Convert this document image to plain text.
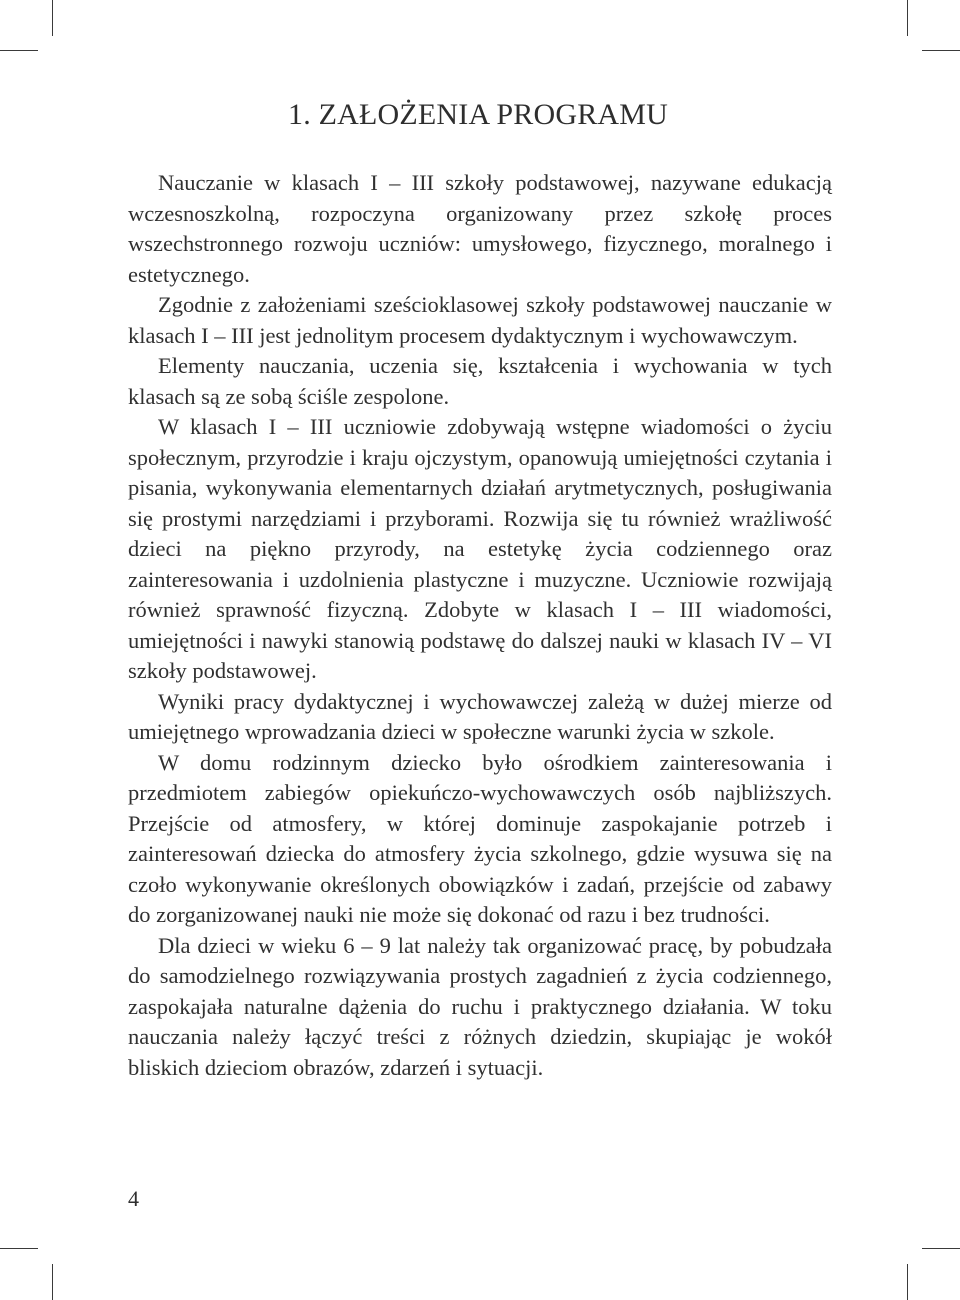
1. ZAŁOŻENIA PROGRAMU

Nauczanie w klasach I – III szkoły podstawowej, nazywane edukacją wczesnoszkolną, rozpoczyna organizowany przez szkołę proces wszechstronnego rozwoju uczniów: umysłowego, fizycznego, moralnego i estetycznego.

Zgodnie z założeniami sześcioklasowej szkoły podstawowej nauczanie w klasach I – III jest jednolitym procesem dydaktycznym i wychowawczym.

Elementy nauczania, uczenia się, kształcenia i wychowania w tych klasach są ze sobą ściśle zespolone.

W klasach I – III uczniowie zdobywają wstępne wiadomości o życiu społecznym, przyrodzie i kraju ojczystym, opanowują umiejętności czytania i pisania, wykonywania elementarnych działań arytmetycznych, posługiwania się prostymi narzędziami i przyborami. Rozwija się tu również wrażliwość dzieci na piękno przyrody, na estetykę życia codziennego oraz zainteresowania i uzdolnienia plastyczne i muzyczne. Uczniowie rozwijają również sprawność fizyczną. Zdobyte w klasach I – III wiadomości, umiejętności i nawyki stanowią podstawę do dalszej nauki w klasach IV – VI szkoły podstawowej.

Wyniki pracy dydaktycznej i wychowawczej zależą w dużej mierze od umiejętnego wprowadzania dzieci w społeczne warunki życia w szkole.

W domu rodzinnym dziecko było ośrodkiem zainteresowania i przedmiotem zabiegów opiekuńczo-wychowawczych osób najbliższych. Przejście od atmosfery, w której dominuje zaspokajanie potrzeb i zainteresowań dziecka do atmosfery życia szkolnego, gdzie wysuwa się na czoło wykonywanie określonych obowiązków i zadań, przejście od zabawy do zorganizowanej nauki nie może się dokonać od razu i bez trudności.

Dla dzieci w wieku 6 – 9 lat należy tak organizować pracę, by pobudzała do samodzielnego rozwiązywania prostych zagadnień z życia codziennego, zaspokajała naturalne dążenia do ruchu i praktycznego działania. W toku nauczania należy łączyć treści z różnych dziedzin, skupiając je wokół bliskich dzieciom obrazów, zdarzeń i sytuacji.

4
